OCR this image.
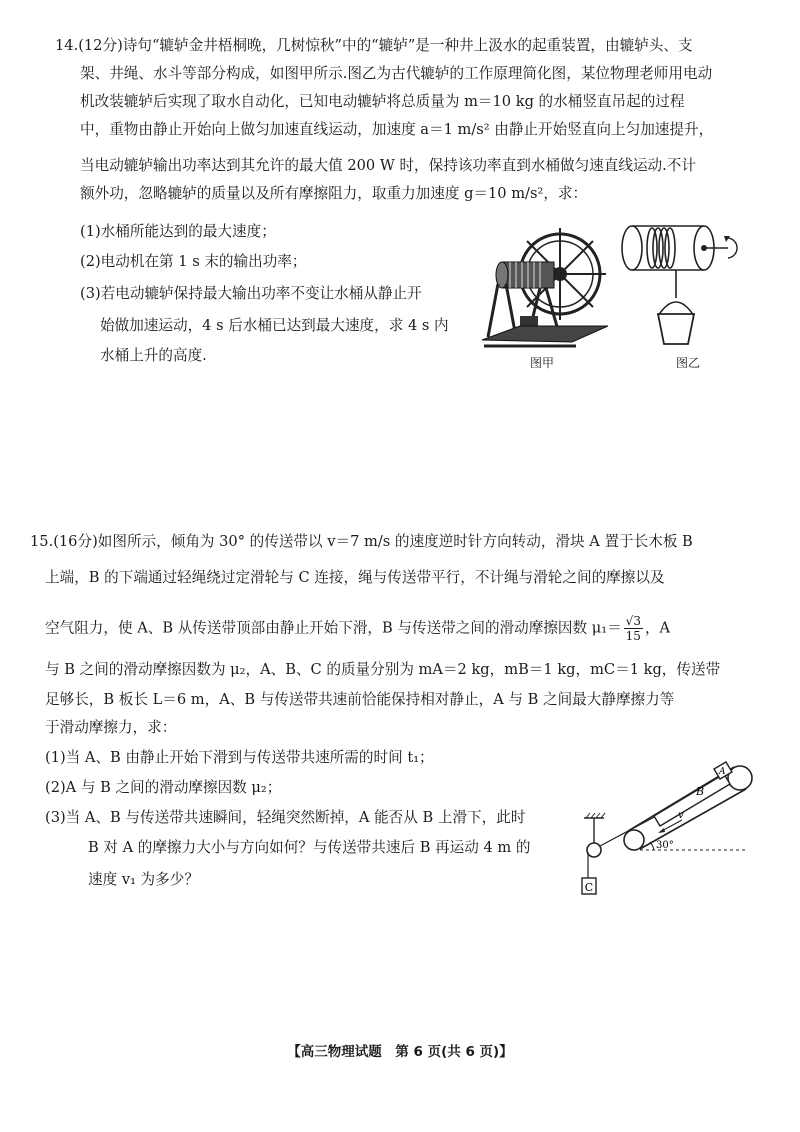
14.(12分)诗句“辘轳金井梧桐晚，几树惊秋”中的“辘轳”是一种井上汲水的起重装置，由辘轳头、支
架、井绳、水斗等部分构成，如图甲所示.图乙为古代辘轳的工作原理简化图，某位物理老师用电动
机改装辘轳后实现了取水自动化，已知电动辘轳将总质量为 m＝10 kg 的水桶竖直吊起的过程
中，重物由静止开始向上做匀加速直线运动，加速度 a＝1 m/s² 由静止开始竖直向上匀加速提升，
当电动辘轳输出功率达到其允许的最大值 200 W 时，保持该功率直到水桶做匀速直线运动.不计
额外功，忽略辘轳的质量以及所有摩擦阻力，取重力加速度 g＝10 m/s²，求：
(1)水桶所能达到的最大速度；
(2)电动机在第 1 s 末的输出功率；
(3)若电动辘轳保持最大输出功率不变让水桶从静止开
始做加速运动，4 s 后水桶已达到最大速度，求 4 s 内
水桶上升的高度.	图甲	图乙
15.(16分)如图所示，倾角为 30° 的传送带以 v＝7 m/s 的速度逆时针方向转动，滑块 A 置于长木板 B
上端，B 的下端通过轻绳绕过定滑轮与 C 连接，绳与传送带平行，不计绳与滑轮之间的摩擦以及
空气阻力，使 A、B 从传送带顶部由静止开始下滑，B 与传送带之间的滑动摩擦因数 $\mu_1= \frac{√3}{15}$ ，A
与 B 之间的滑动摩擦因数为 μ₂，A、B、C 的质量分别为 mA＝2 kg，mB＝1 kg，mC＝1 kg，传送带
足够长，B 板长 L＝6 m，A、B 与传送带共速前恰能保持相对静止，A 与 B 之间最大静摩擦力等
于滑动摩擦力，求：
(1)当 A、B 由静止开始下滑到与传送带共速所需的时间 t₁；
(2)A 与 B 之间的滑动摩擦因数 μ₂；
(3)当 A、B 与传送带共速瞬间，轻绳突然断掉，A 能否从 B 上滑下，此时
B 对 A 的摩擦力大小与方向如何？与传送带共速后 B 再运动 4 m 的
速度 v₁ 为多少？	C
B
A
v
30°
【高三物理试题　第 6 页(共 6 页)】
